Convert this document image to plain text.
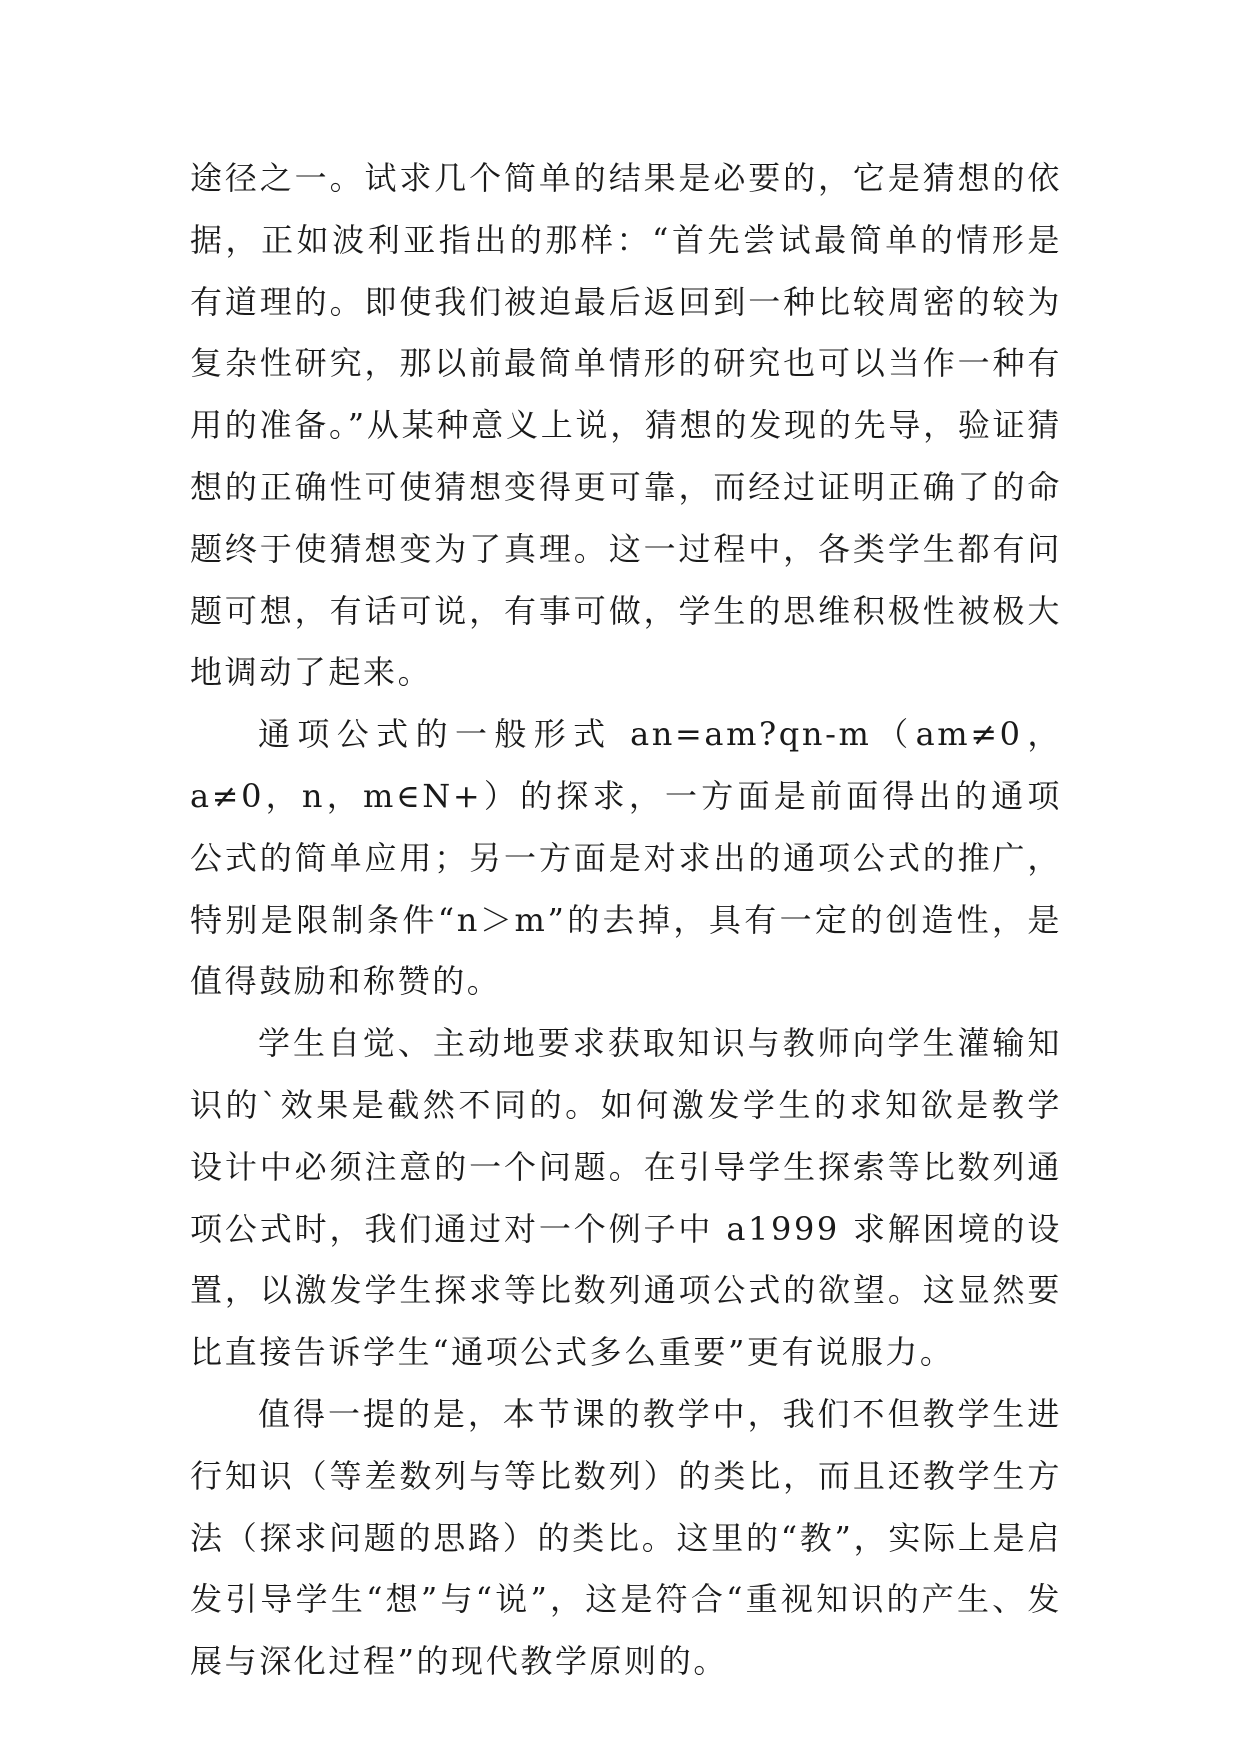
途径之一。试求几个简单的结果是必要的，它是猜想的依据，正如波利亚指出的那样：“首先尝试最简单的情形是有道理的。即使我们被迫最后返回到一种比较周密的较为复杂性研究，那以前最简单情形的研究也可以当作一种有用的准备。”从某种意义上说，猜想的发现的先导，验证猜想的正确性可使猜想变得更可靠，而经过证明正确了的命题终于使猜想变为了真理。这一过程中，各类学生都有问题可想，有话可说，有事可做，学生的思维积极性被极大地调动了起来。

通项公式的一般形式 an=am?qn-m（am≠0，a≠0，n，m∈N+）的探求，一方面是前面得出的通项公式的简单应用；另一方面是对求出的通项公式的推广，特别是限制条件“n＞m”的去掉，具有一定的创造性，是值得鼓励和称赞的。

学生自觉、主动地要求获取知识与教师向学生灌输知识的`效果是截然不同的。如何激发学生的求知欲是教学设计中必须注意的一个问题。在引导学生探索等比数列通项公式时，我们通过对一个例子中 a1999 求解困境的设置，以激发学生探求等比数列通项公式的欲望。这显然要比直接告诉学生“通项公式多么重要”更有说服力。

值得一提的是，本节课的教学中，我们不但教学生进行知识（等差数列与等比数列）的类比，而且还教学生方法（探求问题的思路）的类比。这里的“教”，实际上是启发引导学生“想”与“说”，这是符合“重视知识的产生、发展与深化过程”的现代教学原则的。
